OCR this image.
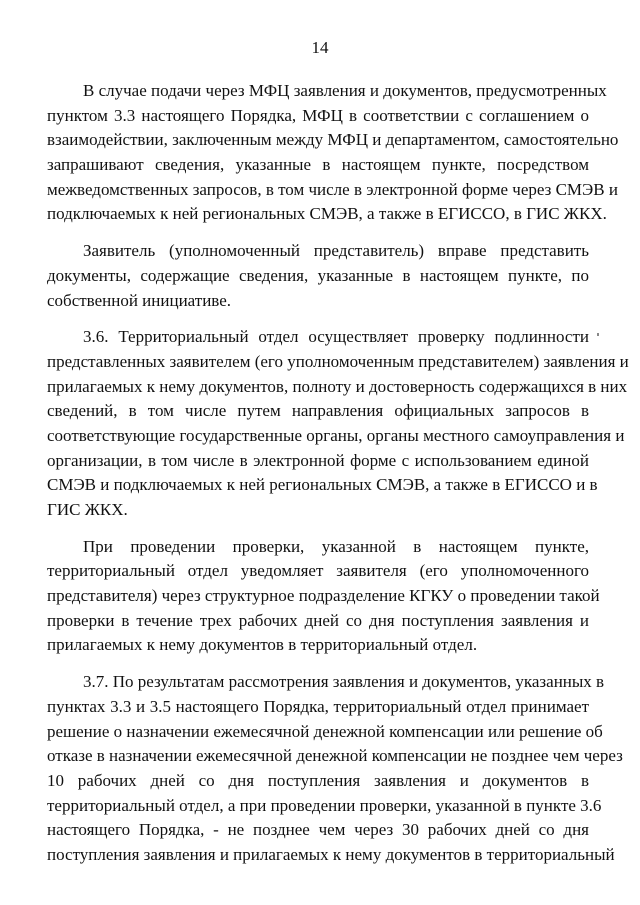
14
В случае подачи через МФЦ заявления и документов, предусмотренных
пунктом 3.3 настоящего Порядка, МФЦ в соответствии с соглашением о
взаимодействии, заключенным между МФЦ и департаментом, самостоятельно
запрашивают сведения, указанные в настоящем пункте, посредством
межведомственных запросов, в том числе в электронной форме через СМЭВ и
подключаемых к ней региональных СМЭВ, а также в ЕГИССО, в ГИС ЖКХ.
Заявитель (уполномоченный представитель) вправе представить
документы, содержащие сведения, указанные в настоящем пункте, по
собственной инициативе.
3.6. Территориальный отдел осуществляет проверку подлинности
представленных заявителем (его уполномоченным представителем) заявления и
прилагаемых к нему документов, полноту и достоверность содержащихся в них
сведений, в том числе путем направления официальных запросов в
соответствующие государственные органы, органы местного самоуправления и
организации, в том числе в электронной форме с использованием единой
СМЭВ и подключаемых к ней региональных СМЭВ, а также в ЕГИССО и в
ГИС ЖКХ.
При проведении проверки, указанной в настоящем пункте,
территориальный отдел уведомляет заявителя (его уполномоченного
представителя) через структурное подразделение КГКУ о проведении такой
проверки в течение трех рабочих дней со дня поступления заявления и
прилагаемых к нему документов в территориальный отдел.
3.7. По результатам рассмотрения заявления и документов, указанных в
пунктах 3.3 и 3.5 настоящего Порядка, территориальный отдел принимает
решение о назначении ежемесячной денежной компенсации или решение об
отказе в назначении ежемесячной денежной компенсации не позднее чем через
10 рабочих дней со дня поступления заявления и документов в
территориальный отдел, а при проведении проверки, указанной в пункте 3.6
настоящего Порядка, - не позднее чем через 30 рабочих дней со дня
поступления заявления и прилагаемых к нему документов в территориальный
